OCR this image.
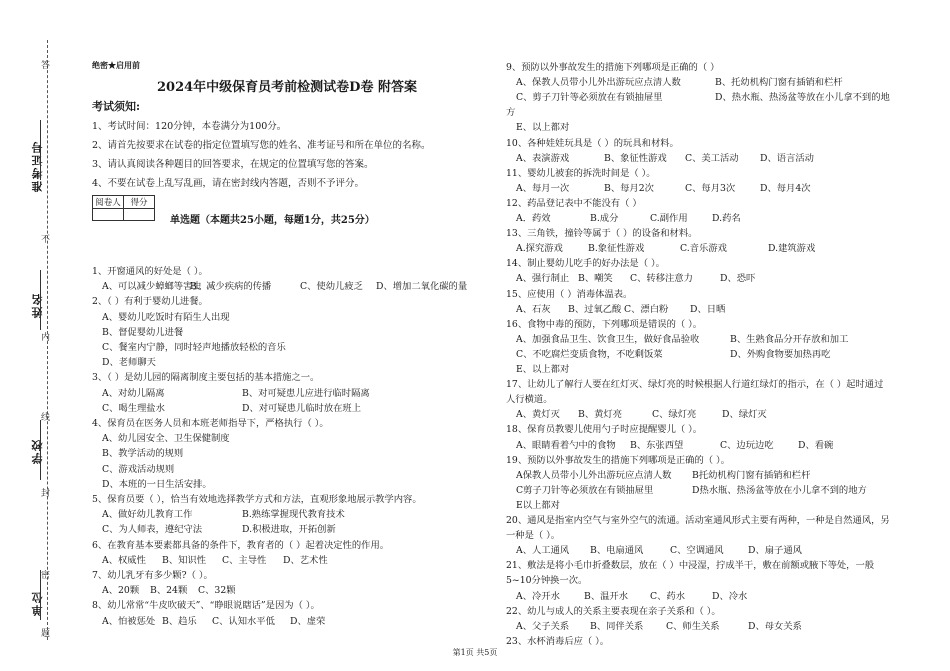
准考证号
姓名
学校
单位
答
不
内
线
封
密
题
绝密★启用前
2024年中级保育员考前检测试卷D卷 附答案
考试须知:
1、考试时间：120分钟，本卷满分为100分。
2、请首先按要求在试卷的指定位置填写您的姓名、准考证号和所在单位的名称。
3、请认真阅读各种题目的回答要求，在规定的位置填写您的答案。
4、不要在试卷上乱写乱画，请在密封线内答题，否则不予评分。
阅卷人	得分

单选题（本题共25小题，每题1分，共25分）
1、开窗通风的好处是（ ）。
A、可以减少蟑螂等害虫
B、减少疾病的传播	C、使幼儿疲乏 D、增加二氧化碳的量
2、（ ）有利于婴幼儿进餐。
A、婴幼儿吃饭时有陌生人出现
B、督促婴幼儿进餐
C、餐室内宁静，同时轻声地播放轻松的音乐
D、老师聊天
3、（ ）是幼儿园的隔离制度主要包括的基本措施之一。
A、对幼儿隔离	B、对可疑患儿应进行临时隔离
C、喝生理盐水	D、对可疑患儿临时放在班上
4、保育员在医务人员和本班老师指导下，严格执行（ ）。
A、幼儿园安全、卫生保健制度
B、教学活动的规则
C、游戏活动规则
D、本班的一日生活安排。
5、保育员要（ ），恰当有效地选择教学方式和方法，直观形象地展示教学内容。
A、做好幼儿教育工作	B.熟练掌握现代教育技术
C、为人师表，遵纪守法	D.积极进取，开拓创新
6、在教育基本要素都具备的条件下，教育者的（ ）起着决定性的作用。
A、权威性 B、知识性 C、主导性 D、艺术性
7、幼儿乳牙有多少颗?（ ）。
A、20颗 B、24颗 C、32颗
8、幼儿常常“牛皮吹破天”、“睁眼说瞎话”是因为（ ）。
A、怕被惩处 B、趋乐 C、认知水平低 D、虚荣
9、预防以外事故发生的措施下列哪项是正确的（ ）
A、保教人员带小儿外出游玩应点清人数	B、托幼机构门窗有插销和栏杆
C、剪子刀针等必须放在有锁抽屉里	D、热水瓶、热汤盆等放在小儿拿不到的地
方
E、以上都对
10、各种娃娃玩具是（ ）的玩具和材料。
A、表演游戏	B、象征性游戏 C、美工活动 D、语言活动
11、婴幼儿被套的拆洗时间是（ ）。
A、每月一次	B、每月2次	C、每月3次	D、每月4次
12、药品登记表中不能没有（ ）
A．药效	B.成分	C.副作用	D.药名
13、三角铁，撞铃等属于（ ）的设备和材料。
A.探究游戏	B.象征性游戏	C.音乐游戏	D.建筑游戏
14、制止婴幼儿吃手的好办法是（ ）。
A、强行制止 B、嘲笑 C、转移注意力	D、恐吓
15、应使用（ ）消毒体温表。
A、石灰 B、过氧乙酸 C、漂白粉 D、日晒
16、食物中毒的预防，下列哪项是错误的（ ）。
A、加强食品卫生、饮食卫生，做好食品验收	B、生熟食品分开存放和加工
C、不吃腐烂变质食物，不吃剩饭菜	D、外购食物要加热再吃
E、以上都对
17、让幼儿了解行人要在红灯灭、绿灯亮的时候根据人行道红绿灯的指示，在（ ）起时通过
人行横道。
A、黄灯灭 B、黄灯亮	C、绿灯亮	D、绿灯灭
18、保育员教婴儿使用勺子时应提醒婴儿（ ）。
A、眼睛看着勺中的食物 B、东张西望	C、边玩边吃	D、看碗
19、预防以外事故发生的措施下列哪项是正确的（ ）。
A保教人员带小儿外出游玩应点清人数 B托幼机构门窗有插销和栏杆
C剪子刀针等必须放在有锁抽屉里	D热水瓶、热汤盆等放在小儿拿不到的地方
E以上都对
20、通风是指室内空气与室外空气的流通。活动室通风形式主要有两种，一种是自然通风，另
一种是（ ）。
A、人工通风 B、电扇通风	C、空调通风	D、扇子通风
21、敷法是将小毛巾折叠数层，放在（ ）中浸湿，拧成半干，敷在前额或腋下等处，一般
5~10分钟换一次。
A、冷开水	B、温开水 C、药水	D、冷水
22、幼儿与成人的关系主要表现在亲子关系和（ ）。
A、父子关系 B、同伴关系 C、师生关系	D、母女关系
23、水杯消毒后应（ ）。
第1页 共5页
